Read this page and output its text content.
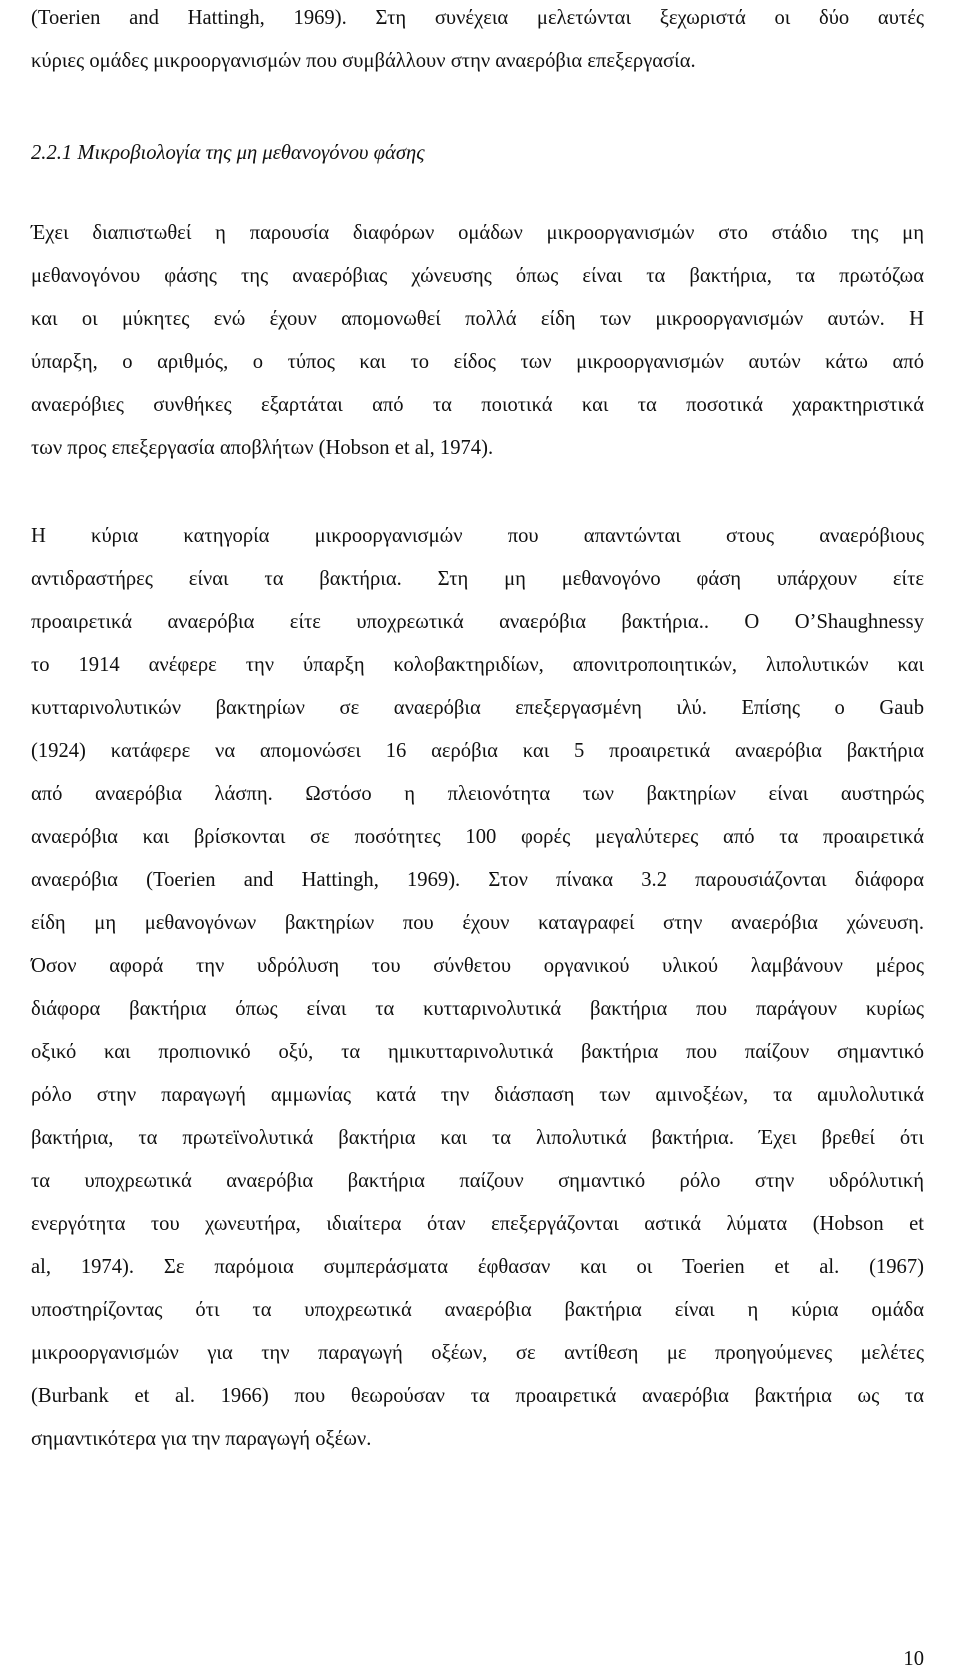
(Toerien and Hattingh, 1969). Στη συνέχεια μελετώνται ξεχωριστά οι δύο αυτές
κύριες ομάδες μικροοργανισμών που συμβάλλουν στην αναερόβια επεξεργασία.
2.2.1 Μικροβιολογία της μη μεθανογόνου φάσης
Έχει διαπιστωθεί η παρουσία διαφόρων ομάδων μικροοργανισμών στο στάδιο της μη
μεθανογόνου φάσης της αναερόβιας χώνευσης όπως είναι τα βακτήρια, τα πρωτόζωα
και οι μύκητες ενώ έχουν απομονωθεί πολλά είδη των μικροοργανισμών αυτών. Η
ύπαρξη, ο αριθμός, ο τύπος και το είδος των μικροοργανισμών αυτών κάτω από
αναερόβιες συνθήκες εξαρτάται από τα ποιοτικά και τα ποσοτικά χαρακτηριστικά
των προς επεξεργασία αποβλήτων (Hobson et al, 1974).
Η κύρια κατηγορία μικροοργανισμών που απαντώνται στους αναερόβιους
αντιδραστήρες είναι τα βακτήρια. Στη μη μεθανογόνο φάση υπάρχουν είτε
προαιρετικά αναερόβια είτε υποχρεωτικά αναερόβια βακτήρια.. Ο O’Shaughnessy
το 1914 ανέφερε την ύπαρξη κολοβακτηριδίων, απονιτροποιητικών, λιπολυτικών και
κυτταρινολυτικών βακτηρίων σε αναερόβια επεξεργασμένη ιλύ. Επίσης ο Gaub
(1924) κατάφερε να απομονώσει 16 αερόβια και 5 προαιρετικά αναερόβια βακτήρια
από αναερόβια λάσπη. Ωστόσο η πλειονότητα των βακτηρίων είναι αυστηρώς
αναερόβια και βρίσκονται σε ποσότητες 100 φορές μεγαλύτερες από τα προαιρετικά
αναερόβια (Toerien and Hattingh, 1969). Στον πίνακα 3.2 παρουσιάζονται διάφορα
είδη μη μεθανογόνων βακτηρίων που έχουν καταγραφεί στην αναερόβια χώνευση.
Όσον αφορά την υδρόλυση του σύνθετου οργανικού υλικού λαμβάνουν μέρος
διάφορα βακτήρια όπως είναι τα κυτταρινολυτικά βακτήρια που παράγουν κυρίως
οξικό και προπιονικό οξύ, τα ημικυτταρινολυτικά βακτήρια που παίζουν σημαντικό
ρόλο στην παραγωγή αμμωνίας κατά την διάσπαση των αμινοξέων, τα αμυλολυτικά
βακτήρια, τα πρωτεϊνολυτικά βακτήρια και τα λιπολυτικά βακτήρια. Έχει βρεθεί ότι
τα υποχρεωτικά αναερόβια βακτήρια παίζουν σημαντικό ρόλο στην υδρόλυτική
ενεργότητα του χωνευτήρα, ιδιαίτερα όταν επεξεργάζονται αστικά λύματα (Hobson et
al, 1974). Σε παρόμοια συμπεράσματα έφθασαν και οι Toerien et al. (1967)
υποστηρίζοντας ότι τα υποχρεωτικά αναερόβια βακτήρια είναι η κύρια ομάδα
μικροοργανισμών για την παραγωγή οξέων, σε αντίθεση με προηγούμενες μελέτες
(Burbank et al. 1966) που θεωρούσαν τα προαιρετικά αναερόβια βακτήρια ως τα
σημαντικότερα για την παραγωγή οξέων.
10
